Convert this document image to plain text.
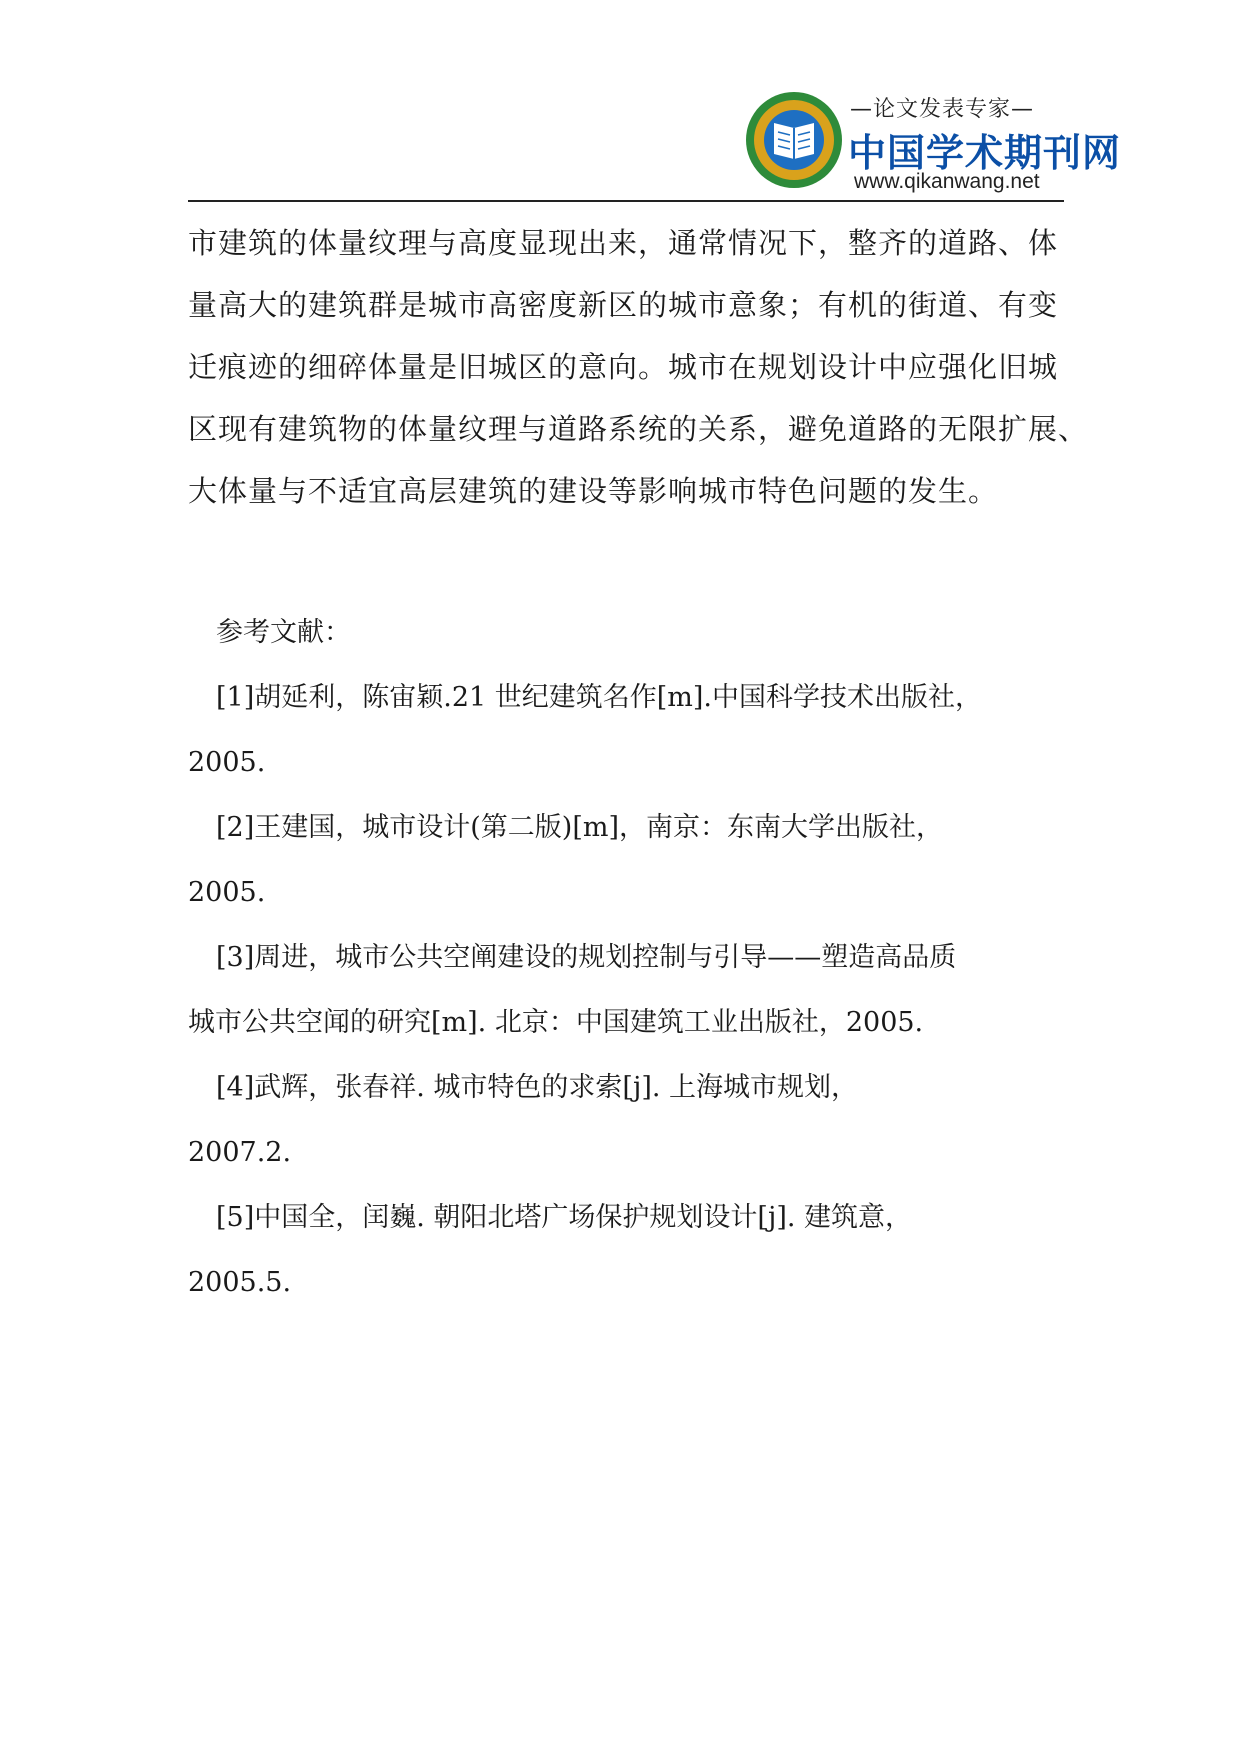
—论文发表专家—
中国学术期刊网
www.qikanwang.net
市建筑的体量纹理与高度显现出来，通常情况下，整齐的道路、体
量高大的建筑群是城市高密度新区的城市意象；有机的街道、有变
迁痕迹的细碎体量是旧城区的意向。城市在规划设计中应强化旧城
区现有建筑物的体量纹理与道路系统的关系，避免道路的无限扩展、
大体量与不适宜高层建筑的建设等影响城市特色问题的发生。
参考文献：
[1]胡延利，陈宙颖.21 世纪建筑名作[m].中国科学技术出版社，
2005.
[2]王建国，城市设计(第二版)[m]，南京：东南大学出版社，
2005.
[3]周进，城市公共空阐建设的规划控制与引导——塑造高品质
城市公共空闻的研究[m]. 北京：中国建筑工业出版社，2005.
[4]武辉，张春祥. 城市特色的求索[j]. 上海城市规划，
2007.2.
[5]中国全，闰巍. 朝阳北塔广场保护规划设计[j]. 建筑意，
2005.5.
